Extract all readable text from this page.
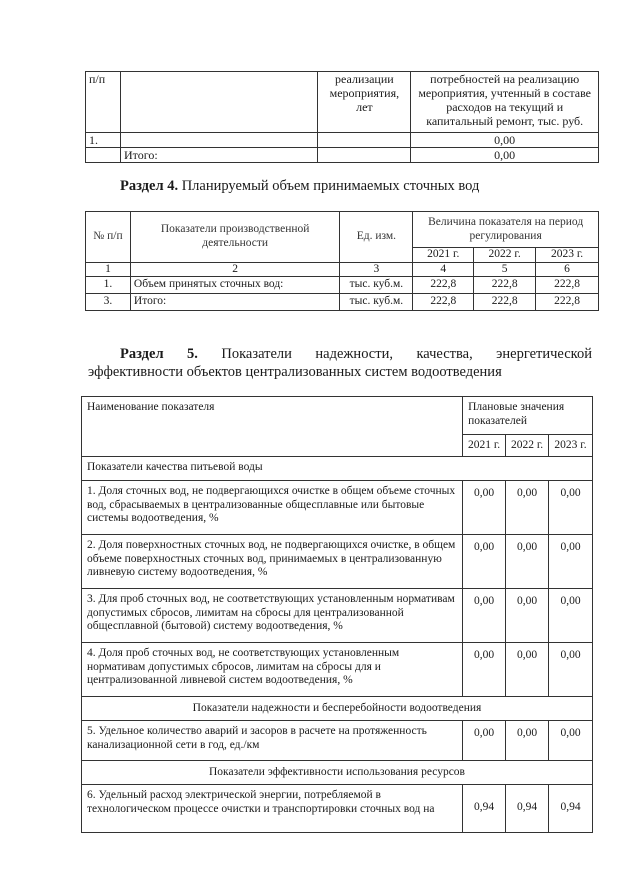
п/п		реализации мероприятия, лет	потребностей на реализацию мероприятия, учтенный в составе расходов на текущий и капитальный ремонт, тыс. руб.
1.			0,00
	Итого:		0,00

Раздел 4. Планируемый объем принимаемых сточных вод

№ п/п	Показатели производственной деятельности	Ед. изм.	Величина показателя на период регулирования		
			2021 г.	2022 г.	2023 г.
1	2	3	4	5	6
1.	Объем принятых сточных вод:	тыс. куб.м.	222,8	222,8	222,8
3.	Итого:	тыс. куб.м.	222,8	222,8	222,8
Раздел 5. Показатели надежности, качества, энергетической
эффективности объектов централизованных систем водоотведения
Наименование показателя	Плановые значения показателей		
	2021 г.	2022 г.	2023 г.
Показатели качества питьевой воды			
1. Доля сточных вод, не подвергающихся очистке в общем объеме сточных вод, сбрасываемых в централизованные общесплавные или бытовые системы водоотведения, %	0,00	0,00	0,00
2. Доля поверхностных сточных вод, не подвергающихся очистке, в общем объеме поверхностных сточных вод, принимаемых в централизованную ливневую систему водоотведения, %	0,00	0,00	0,00
3. Для проб сточных вод, не соответствующих установленным нормативам допустимых сбросов, лимитам на сбросы для централизованной общесплавной (бытовой) систему водоотведения, %	0,00	0,00	0,00
4. Доля проб сточных вод, не соответствующих установленным нормативам допустимых сбросов, лимитам на сбросы для и централизованной ливневой систем водоотведения, %	0,00	0,00	0,00
Показатели надежности и бесперебойности водоотведения			
5. Удельное количество аварий и засоров в расчете на протяженность канализационной сети в год, ед./км	0,00	0,00	0,00
Показатели эффективности использования ресурсов			
6. Удельный расход электрической энергии, потребляемой в технологическом процессе очистки и транспортировки сточных вод на	0,94	0,94	0,94
